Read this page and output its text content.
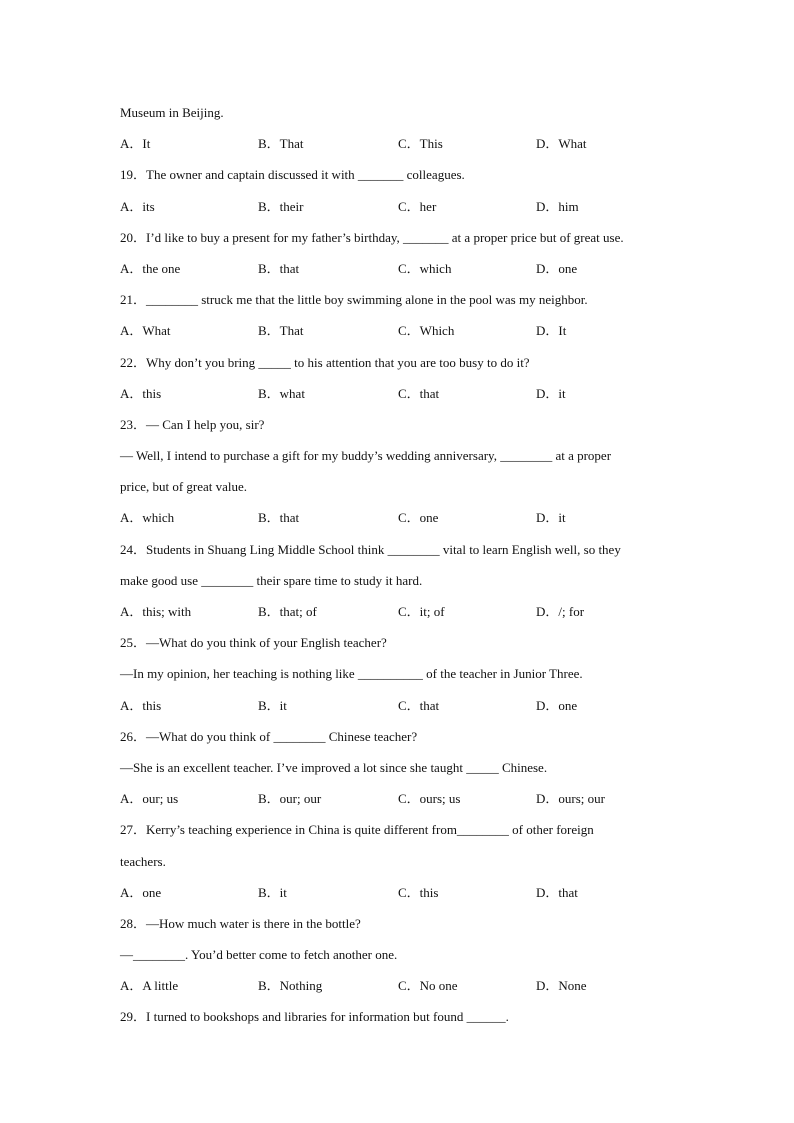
Museum in Beijing.
A．It	B．That	C．This	D．What
19．The owner and captain discussed it with _______ colleagues.
A．its	B．their	C．her	D．him
20．I’d like to buy a present for my father’s birthday, _______ at a proper price but of great use.
A．the one	B．that	C．which	D．one
21．________ struck me that the little boy swimming alone in the pool was my neighbor.
A．What	B．That	C．Which	D．It
22．Why don’t you bring _____ to his attention that you are too busy to do it?
A．this	B．what	C．that	D．it
23．— Can I help you, sir?
— Well, I intend to purchase a gift for my buddy’s wedding anniversary, ________ at a proper
price, but of great value.
A．which	B．that	C．one	D．it
24．Students in Shuang Ling Middle School think ________ vital to learn English well, so they
make good use ________ their spare time to study it hard.
A．this; with	B．that; of	C．it; of	D．/; for
25．—What do you think of your English teacher?
—In my opinion, her teaching is nothing like __________ of the teacher in Junior Three.
A．this	B．it	C．that	D．one
26．—What do you think of ________ Chinese teacher?
—She is an excellent teacher. I’ve improved a lot since she taught _____ Chinese.
A．our; us	B．our; our	C．ours; us	D．ours; our
27．Kerry’s teaching experience in China is quite different from________ of other foreign
teachers.
A．one	B．it	C．this	D．that
28．—How much water is there in the bottle?
—________. You’d better come to fetch another one.
A．A little	B．Nothing	C．No one	D．None
29．I turned to bookshops and libraries for information but found ______.
